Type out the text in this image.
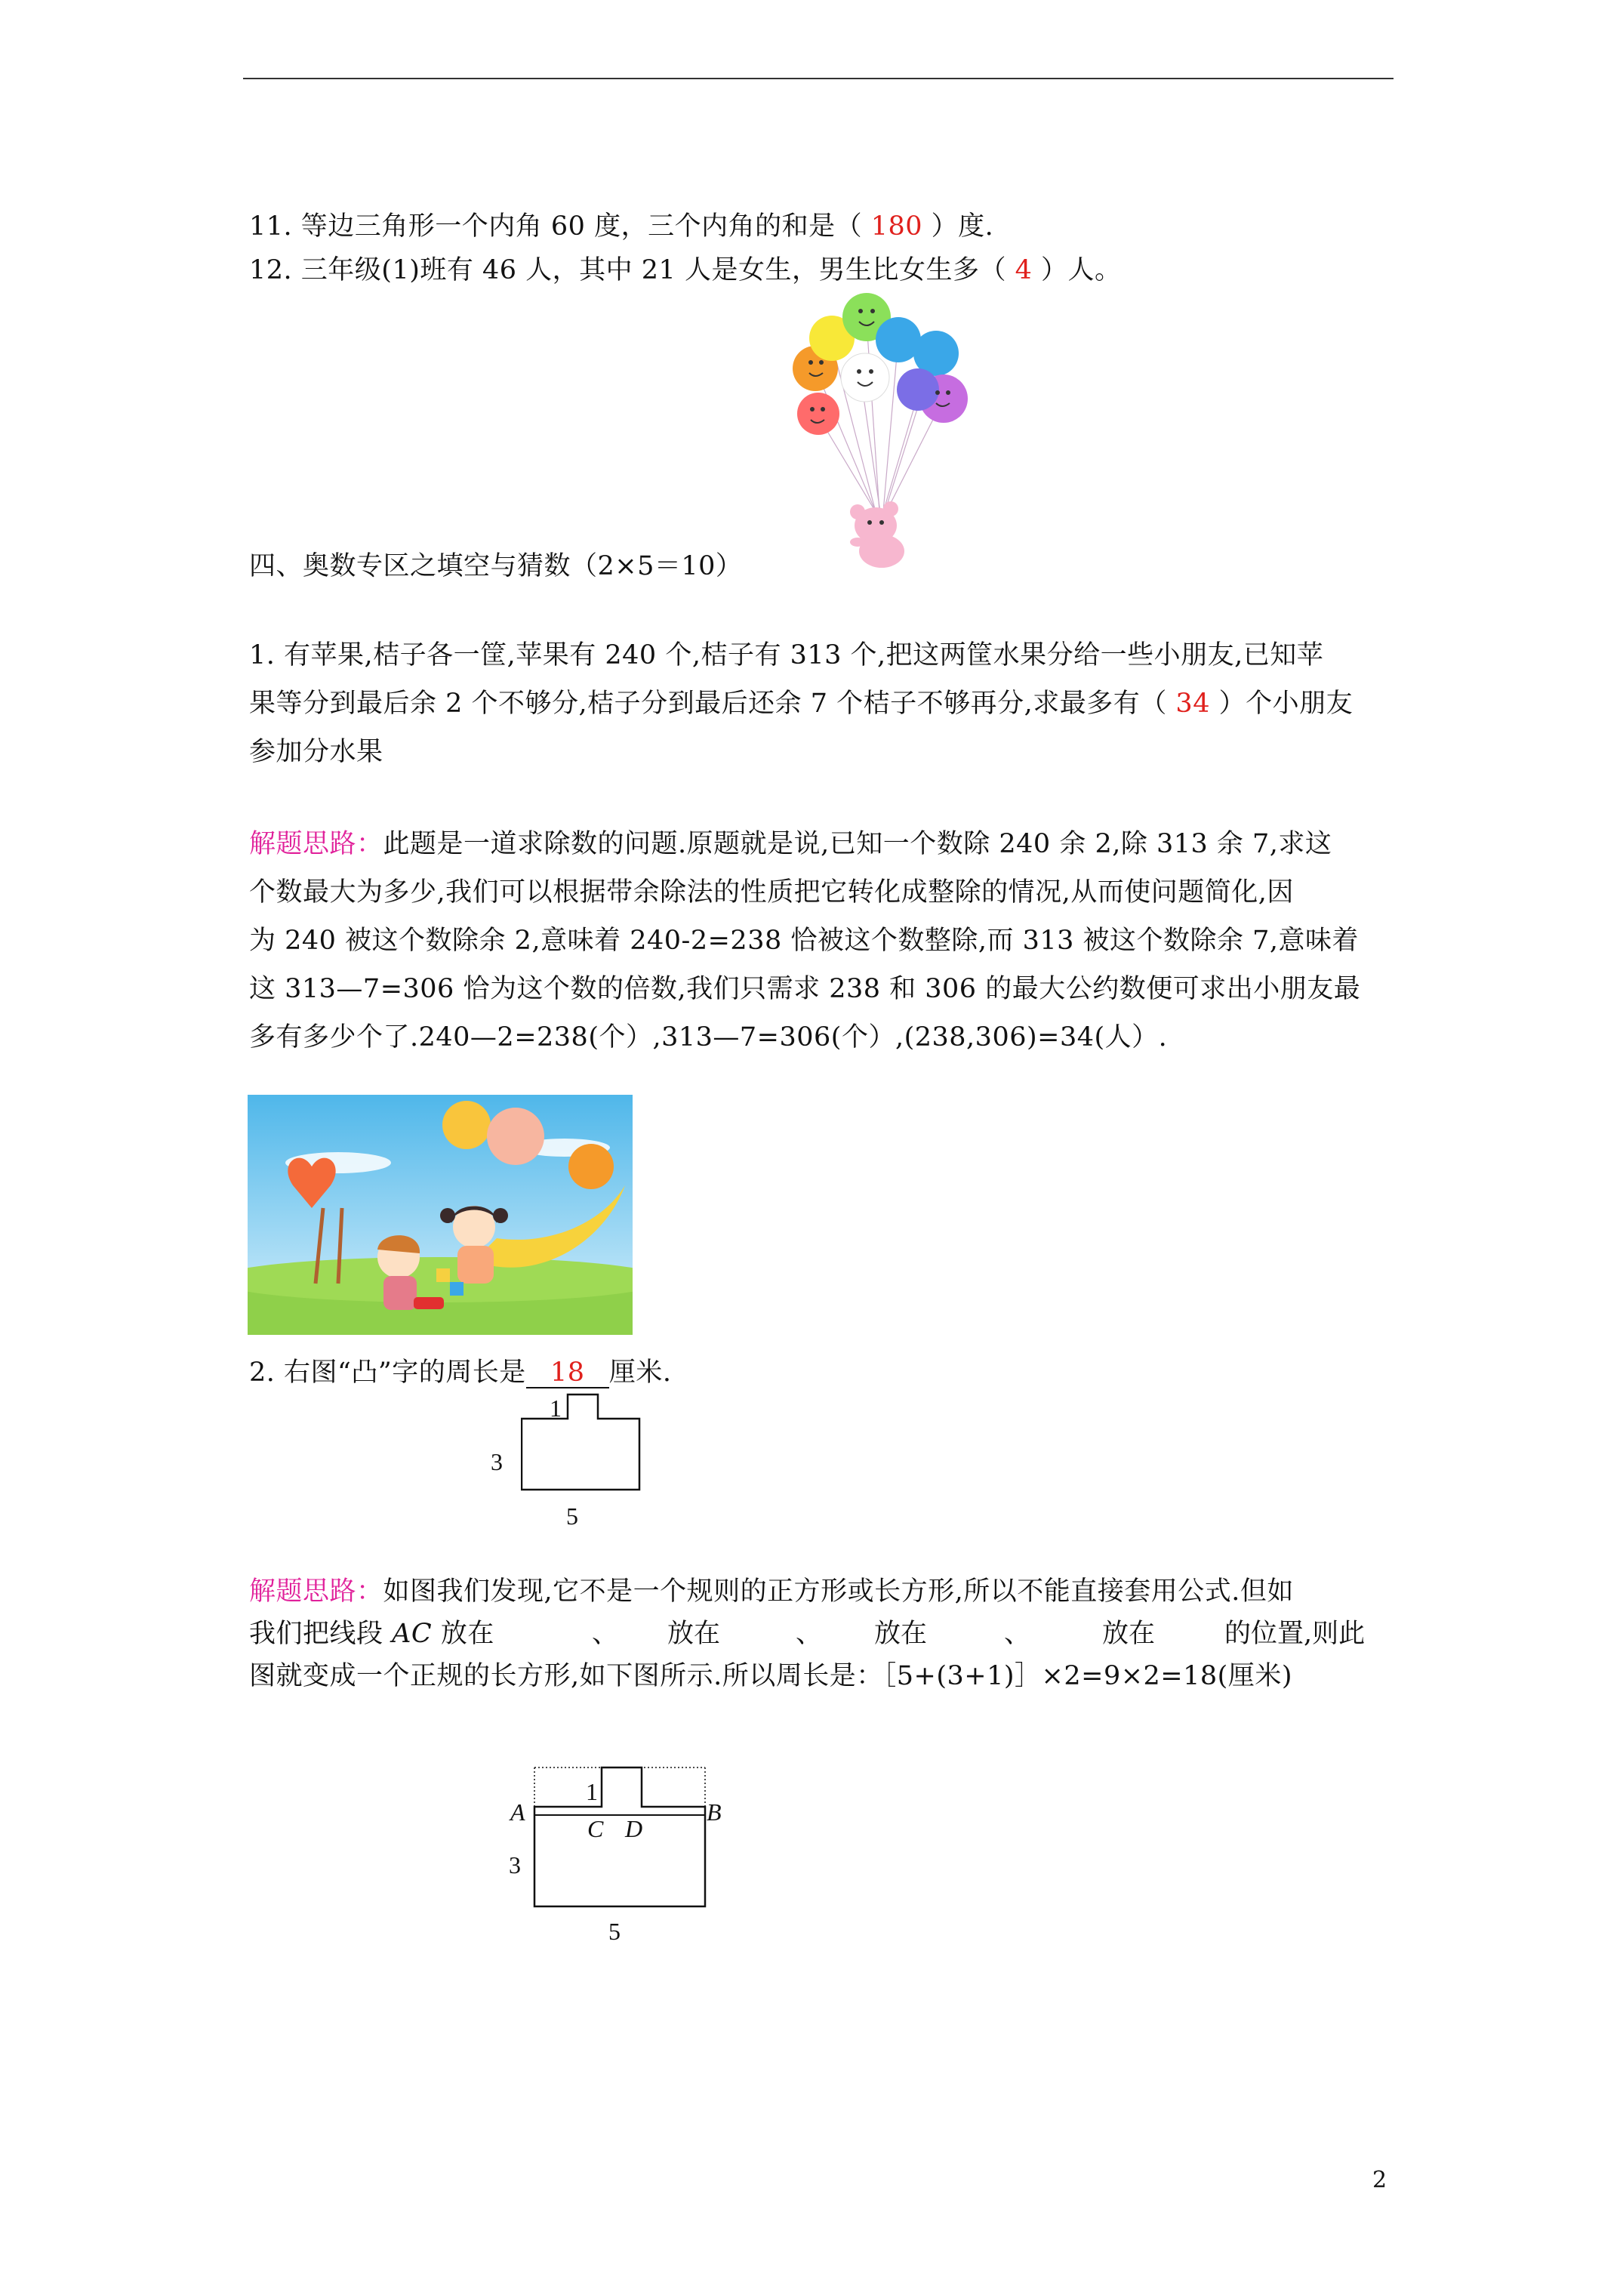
11. 等边三角形一个内角 60 度，三个内角的和是（ 180 ）度.
12. 三年级(1)班有 46 人，其中 21 人是女生，男生比女生多（ 4 ）人。
四、奥数专区之填空与猜数（2×5＝10）
1. 有苹果,桔子各一筐,苹果有 240 个,桔子有 313 个,把这两筐水果分给一些小朋友,已知苹
果等分到最后余 2 个不够分,桔子分到最后还余 7 个桔子不够再分,求最多有（ 34 ）个小朋友
参加分水果
解题思路：此题是一道求除数的问题.原题就是说,已知一个数除 240 余 2,除 313 余 7,求这
个数最大为多少,我们可以根据带余除法的性质把它转化成整除的情况,从而使问题简化,因
为 240 被这个数除余 2,意味着 240-2=238 恰被这个数整除,而 313 被这个数除余 7,意味着
这 313—7=306 恰为这个数的倍数,我们只需求 238 和 306 的最大公约数便可求出小朋友最
多有多少个了.240—2=238(个）,313—7=306(个）,(238,306)=34(人）.
2. 右图“凸”字的周长是 18 厘米.
1
3
5
解题思路：如图我们发现,它不是一个规则的正方形或长方形,所以不能直接套用公式.但如
我们把线段 AC 放在	、 放在	、 放在	、	放在	的位置,则此
图就变成一个正规的长方形,如下图所示.所以周长是：［5+(3+1)］×2=9×2=18(厘米)
1
A	B
C D
3
5
2
